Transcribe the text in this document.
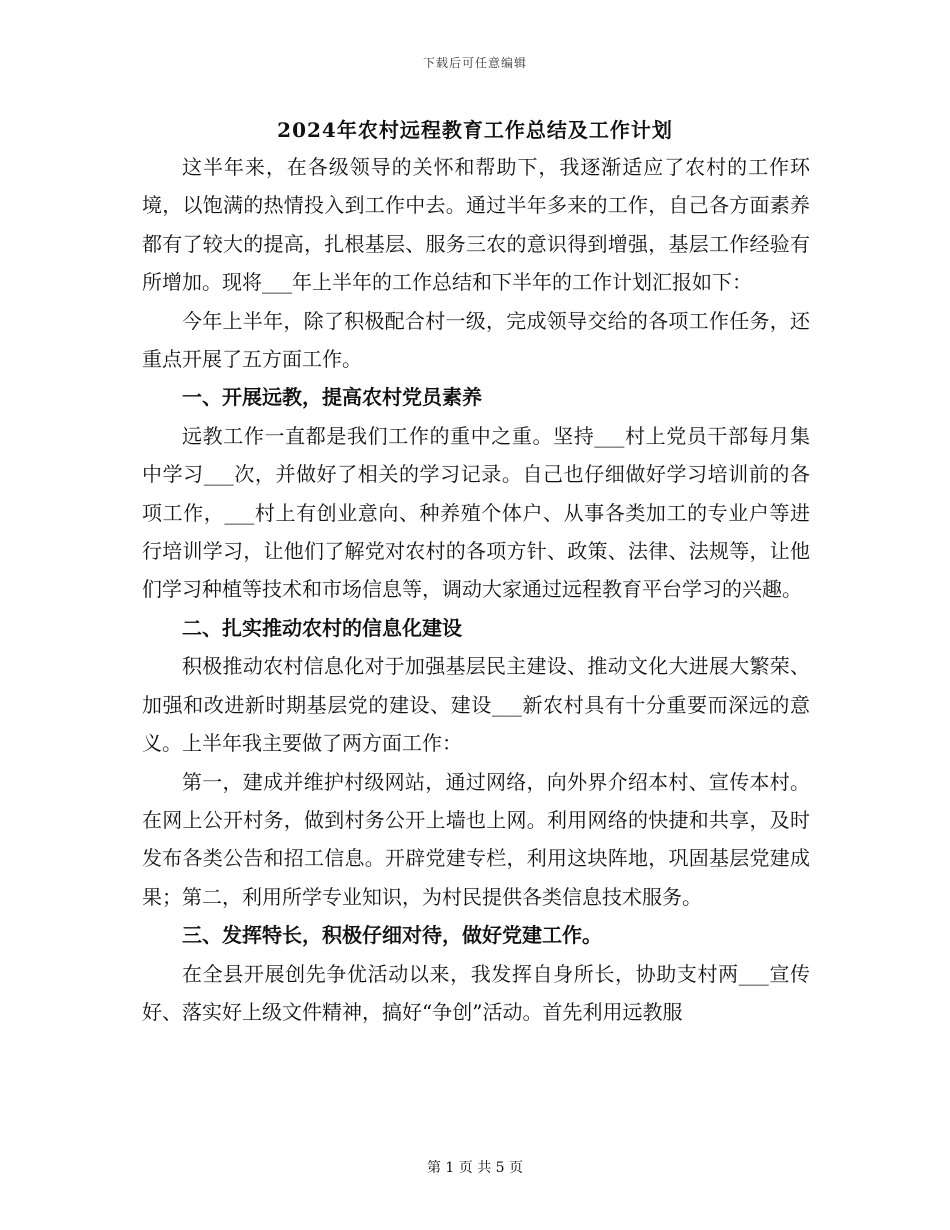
下载后可任意编辑
2024年农村远程教育工作总结及工作计划

这半年来，在各级领导的关怀和帮助下，我逐渐适应了农村的工作环境，以饱满的热情投入到工作中去。通过半年多来的工作，自己各方面素养都有了较大的提高，扎根基层、服务三农的意识得到增强，基层工作经验有所增加。现将___年上半年的工作总结和下半年的工作计划汇报如下：

今年上半年，除了积极配合村一级，完成领导交给的各项工作任务，还重点开展了五方面工作。

一、开展远教，提高农村党员素养

远教工作一直都是我们工作的重中之重。坚持___村上党员干部每月集中学习___次，并做好了相关的学习记录。自己也仔细做好学习培训前的各项工作，___村上有创业意向、种养殖个体户、从事各类加工的专业户等进行培训学习，让他们了解党对农村的各项方针、政策、法律、法规等，让他们学习种植等技术和市场信息等，调动大家通过远程教育平台学习的兴趣。

二、扎实推动农村的信息化建设

积极推动农村信息化对于加强基层民主建设、推动文化大进展大繁荣、加强和改进新时期基层党的建设、建设___新农村具有十分重要而深远的意义。上半年我主要做了两方面工作：

第一，建成并维护村级网站，通过网络，向外界介绍本村、宣传本村。在网上公开村务，做到村务公开上墙也上网。利用网络的快捷和共享，及时发布各类公告和招工信息。开辟党建专栏，利用这块阵地，巩固基层党建成果；第二，利用所学专业知识，为村民提供各类信息技术服务。

三、发挥特长，积极仔细对待，做好党建工作。

在全县开展创先争优活动以来，我发挥自身所长，协助支村两___宣传好、落实好上级文件精神，搞好“争创”活动。首先利用远教服

第 1 页 共 5 页
